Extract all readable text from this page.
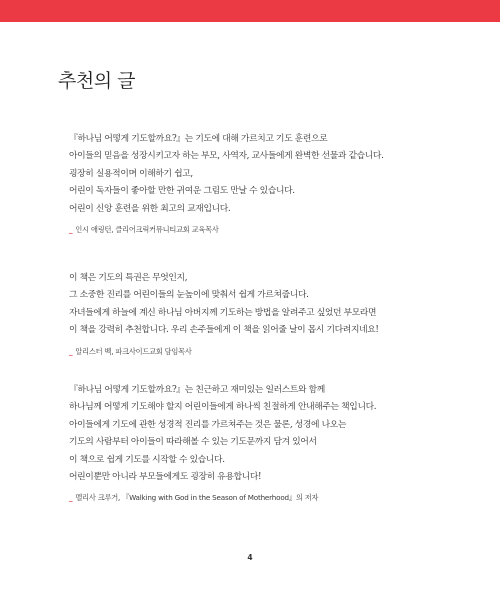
추천의 글

『하나님 어떻게 기도할까요?』는 기도에 대해 가르치고 기도 훈련으로

아이들의 믿음을 성장시키고자 하는 부모, 사역자, 교사들에게 완벽한 선물과 같습니다.

굉장히 실용적이며 이해하기 쉽고,

어린이 독자들이 좋아할 만한 귀여운 그림도 만날 수 있습니다.

어린이 신앙 훈련을 위한 최고의 교재입니다.

_ 인시 애링턴, 클리어크릭커뮤니티교회 교육목사

이 책은 기도의 특권은 무엇인지,

그 소중한 진리를 어린이들의 눈높이에 맞춰서 쉽게 가르쳐줍니다.

자녀들에게 하늘에 계신 하나님 아버지께 기도하는 방법을 알려주고 싶었던 부모라면

이 책을 강력히 추천합니다. 우리 손주들에게 이 책을 읽어줄 날이 몹시 기다려지네요!

_ 알리스터 벡, 파크사이드교회 담임목사

『하나님 어떻게 기도할까요?』는 친근하고 재미있는 일러스트와 함께

하나님께 어떻게 기도해야 할지 어린이들에게 하나씩 친절하게 안내해주는 책입니다.

아이들에게 기도에 관한 성경적 진리를 가르쳐주는 것은 물론, 성경에 나오는

기도의 사람부터 아이들이 따라해볼 수 있는 기도문까지 담겨 있어서

이 책으로 쉽게 기도를 시작할 수 있습니다.

어린이뿐만 아니라 부모들에게도 굉장히 유용합니다!

_ 멜리사 크루거, 『Walking with God in the Season of Motherhood』의 저자
4
